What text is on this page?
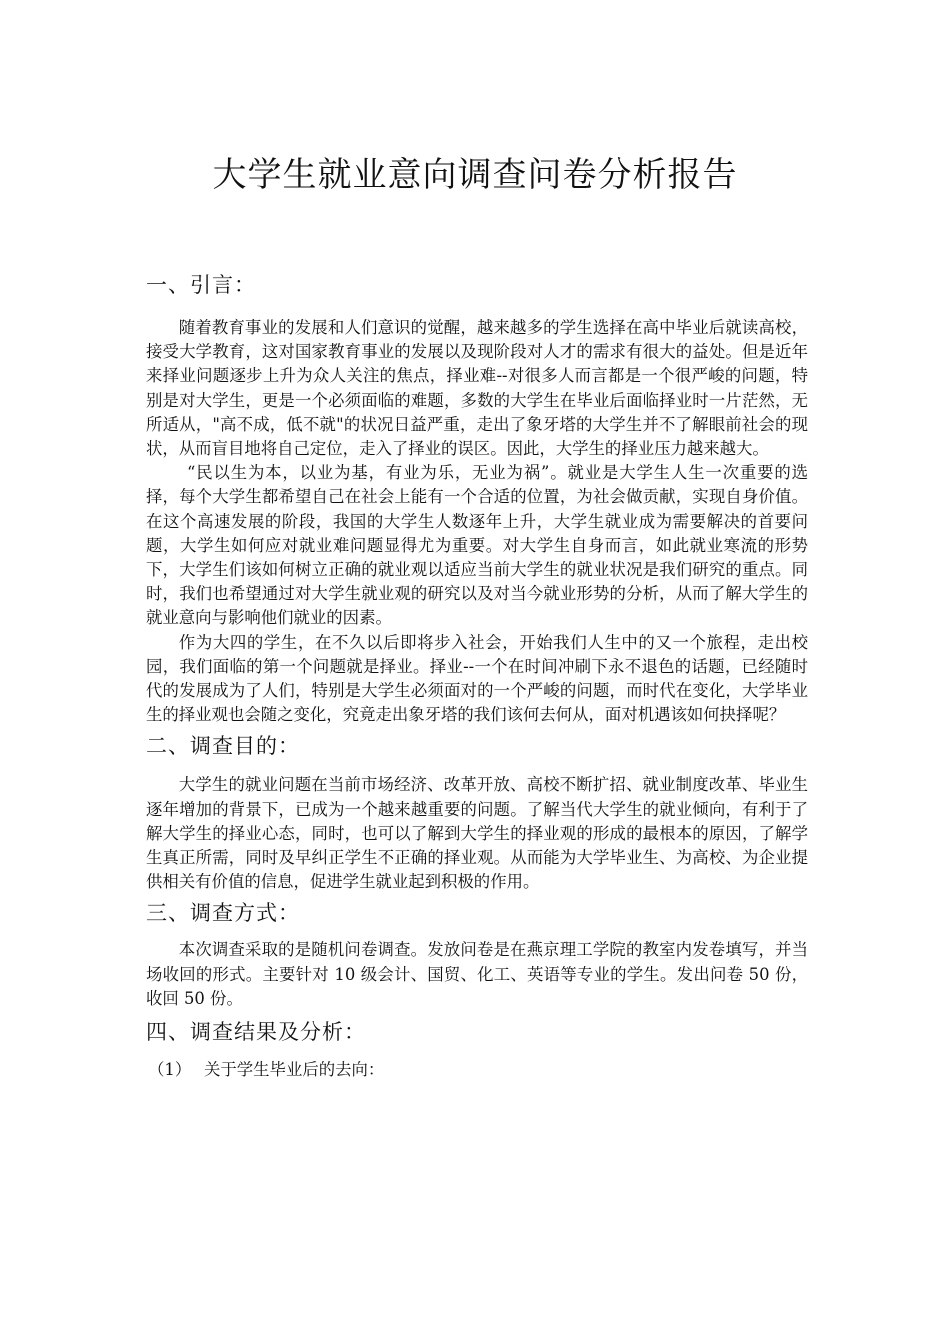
大学生就业意向调查问卷分析报告
一、引言：

随着教育事业的发展和人们意识的觉醒，越来越多的学生选择在高中毕业后就读高校，接受大学教育，这对国家教育事业的发展以及现阶段对人才的需求有很大的益处。但是近年来择业问题逐步上升为众人关注的焦点，择业难--对很多人而言都是一个很严峻的问题，特别是对大学生，更是一个必须面临的难题，多数的大学生在毕业后面临择业时一片茫然，无所适从，"高不成，低不就"的状况日益严重，走出了象牙塔的大学生并不了解眼前社会的现状，从而盲目地将自己定位，走入了择业的误区。因此，大学生的择业压力越来越大。

“民以生为本，以业为基，有业为乐，无业为祸”。就业是大学生人生一次重要的选择，每个大学生都希望自己在社会上能有一个合适的位置，为社会做贡献，实现自身价值。在这个高速发展的阶段，我国的大学生人数逐年上升，大学生就业成为需要解决的首要问题，大学生如何应对就业难问题显得尤为重要。对大学生自身而言，如此就业寒流的形势下，大学生们该如何树立正确的就业观以适应当前大学生的就业状况是我们研究的重点。同时，我们也希望通过对大学生就业观的研究以及对当今就业形势的分析，从而了解大学生的就业意向与影响他们就业的因素。

作为大四的学生，在不久以后即将步入社会，开始我们人生中的又一个旅程，走出校园，我们面临的第一个问题就是择业。择业--一个在时间冲刷下永不退色的话题，已经随时代的发展成为了人们，特别是大学生必须面对的一个严峻的问题，而时代在变化，大学毕业生的择业观也会随之变化，究竟走出象牙塔的我们该何去何从，面对机遇该如何抉择呢？

二、调查目的：

大学生的就业问题在当前市场经济、改革开放、高校不断扩招、就业制度改革、毕业生逐年增加的背景下，已成为一个越来越重要的问题。了解当代大学生的就业倾向，有利于了解大学生的择业心态，同时，也可以了解到大学生的择业观的形成的最根本的原因，了解学生真正所需，同时及早纠正学生不正确的择业观。从而能为大学毕业生、为高校、为企业提供相关有价值的信息，促进学生就业起到积极的作用。

三、调查方式：

本次调查采取的是随机问卷调查。发放问卷是在燕京理工学院的教室内发卷填写，并当场收回的形式。主要针对 10 级会计、国贸、化工、英语等专业的学生。发出问卷 50 份，收回 50 份。

四、调查结果及分析：

（1） 关于学生毕业后的去向：
